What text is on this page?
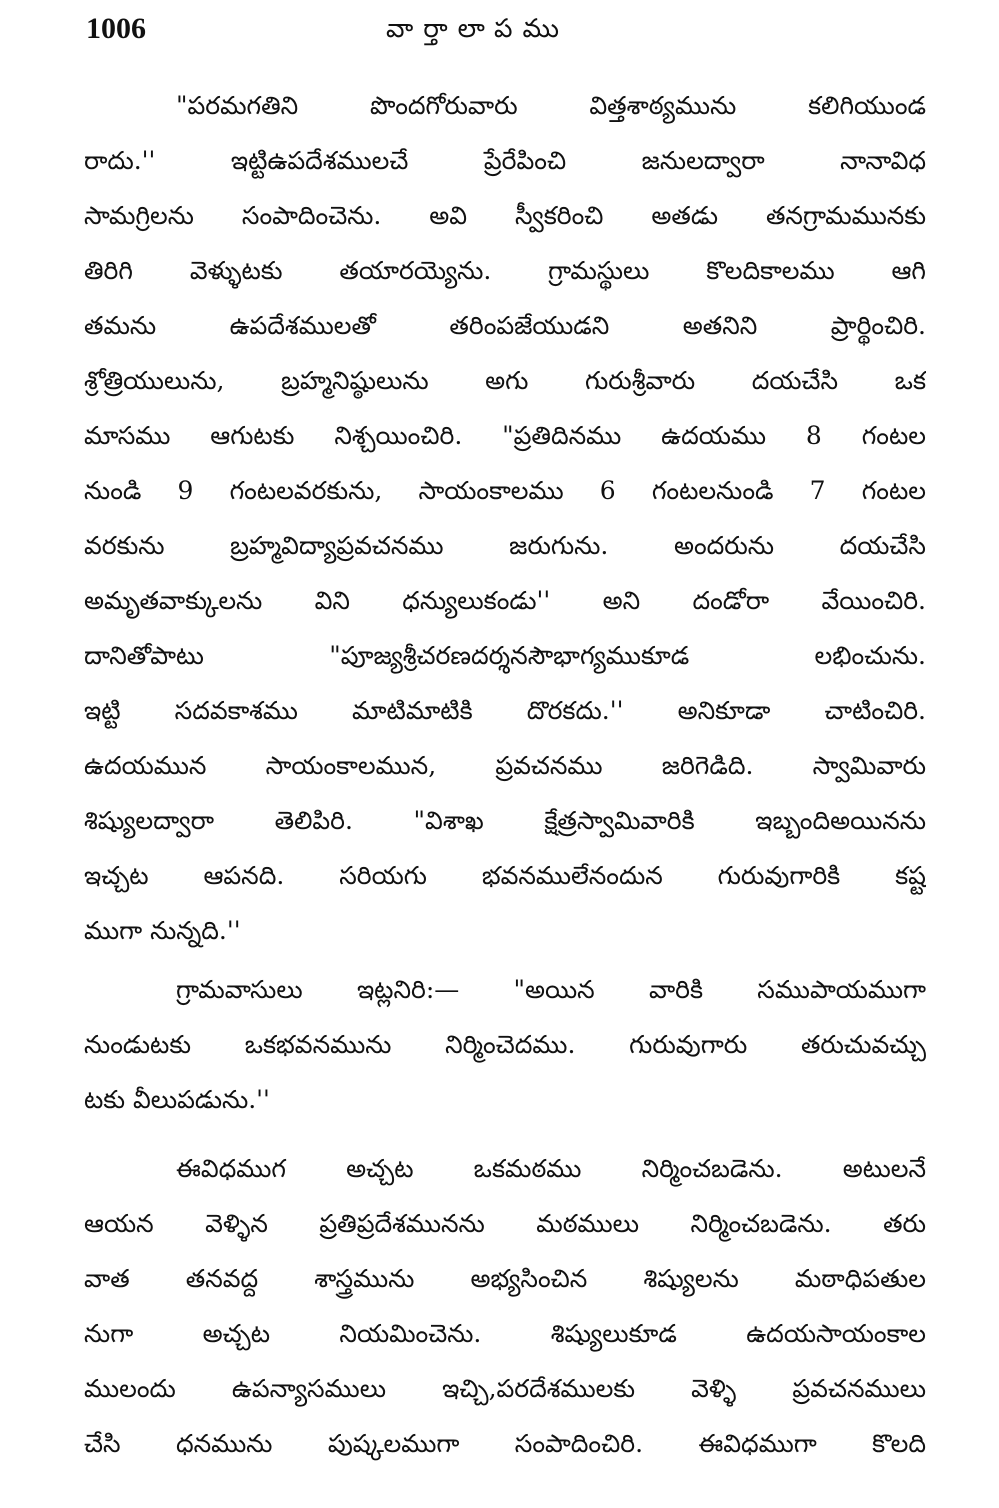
1006	వార్తాలాపము

"పరమగతిని పొందగోరువారు విత్తశాఠ్యమును కలిగియుండ
రాదు.'' ఇట్టిఉపదేశములచే ప్రేరేపించి జనులద్వారా నానావిధ
సామగ్రిలను సంపాదించెను. అవి స్వీకరించి అతడు తనగ్రామమునకు
తిరిగి వెళ్ళుటకు తయారయ్యెను. గ్రామస్థులు కొలదికాలము ఆగి
తమను ఉపదేశములతో తరింపజేయుడని అతనిని ప్రార్థించిరి.
శ్రోత్రియులును, బ్రహ్మనిష్ఠులును అగు గురుశ్రీవారు దయచేసి ఒక
మాసము ఆగుటకు నిశ్చయించిరి. "ప్రతిదినము ఉదయము 8 గంటల
నుండి 9 గంటలవరకును, సాయంకాలము 6 గంటలనుండి 7 గంటల
వరకును బ్రహ్మవిద్యాప్రవచనము జరుగును. అందరును దయచేసి
అమృతవాక్కులను విని ధన్యులుకండు'' అని దండోరా వేయించిరి.
దానితోపాటు "పూజ్యశ్రీచరణదర్శనసౌభాగ్యముకూడ లభించును.
ఇట్టి సదవకాశము మాటిమాటికి దొరకదు.'' అనికూడా చాటించిరి.
ఉదయమున సాయంకాలమున, ప్రవచనము జరిగెడిది. స్వామివారు
శిష్యులద్వారా తెలిపిరి. "విశాఖ క్షేత్రస్వామివారికి ఇబ్బందిఅయినను
ఇచ్చట ఆపనది. సరియగు భవనములేనందున గురువుగారికి కష్ట
ముగా నున్నది.''

గ్రామవాసులు ఇట్లనిరి:— "అయిన వారికి సముపాయముగా
నుండుటకు ఒకభవనమును నిర్మించెదము. గురువుగారు తరుచువచ్చు
టకు వీలుపడును.''

ఈవిధముగ అచ్చట ఒకమఠము నిర్మించబడెను. అటులనే
ఆయన వెళ్ళిన ప్రతిప్రదేశమునను మఠములు నిర్మించబడెను. తరు
వాత తనవద్ద శాస్త్రమును అభ్యసించిన శిష్యులను మఠాధిపతుల
నుగా అచ్చట నియమించెను. శిష్యులుకూడ ఉదయసాయంకాల
ములందు ఉపన్యాసములు ఇచ్చి,పరదేశములకు వెళ్ళి ప్రవచనములు
చేసి ధనమును పుష్కలముగా సంపాదించిరి. ఈవిధముగా కొలది
